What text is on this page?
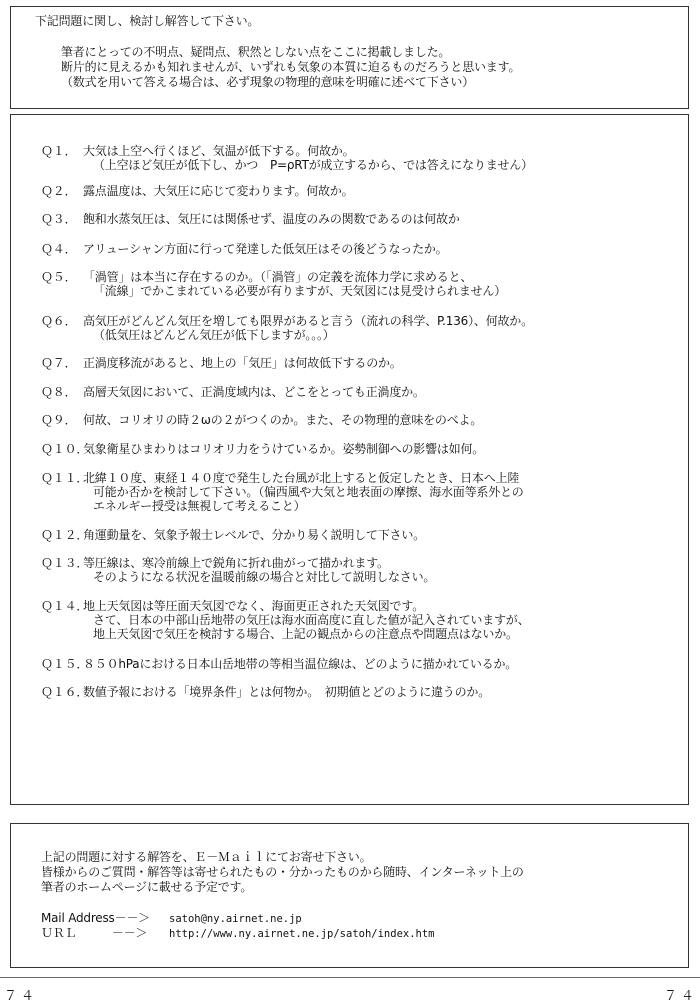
下記問題に関し、検討し解答して下さい。
筆者にとっての不明点、疑問点、釈然としない点をここに掲載しました。
断片的に見えるかも知れませんが、いずれも気象の本質に迫るものだろうと思います。
（数式を用いて答える場合は、必ず現象の物理的意味を明確に述べて下さい）
Ｑ１． 大気は上空へ行くほど、気温が低下する。何故か。
（上空ほど気圧が低下し、かつ　P=ρRTが成立するから、では答えになりません）
Ｑ２． 露点温度は、大気圧に応じて変わります。何故か。
Ｑ３． 飽和水蒸気圧は、気圧には関係せず、温度のみの関数であるのは何故か
Ｑ４． アリューシャン方面に行って発達した低気圧はその後どうなったか。
Ｑ５． 「渦管」は本当に存在するのか。（「渦管」の定義を流体力学に求めると、
「流線」でかこまれている必要が有りますが、天気図には見受けられません）
Ｑ６． 高気圧がどんどん気圧を増しても限界があると言う（流れの科学、P.136）、何故か。
（低気圧はどんどん気圧が低下しますが。。。）
Ｑ７． 正渦度移流があると、地上の「気圧」は何故低下するのか。
Ｑ８． 高層天気図において、正渦度域内は、どこをとっても正渦度か。
Ｑ９． 何故、コリオリの時２ωの２がつくのか。また、その物理的意味をのべよ。
Ｑ１０．
気象衛星ひまわりはコリオリ力をうけているか。姿勢制御への影響は如何。
Ｑ１１．
北緯１０度、東経１４０度で発生した台風が北上すると仮定したとき、日本へ上陸
可能か否かを検討して下さい。（偏西風や大気と地表面の摩擦、海水面等系外との
エネルギー授受は無視して考えること）
Ｑ１２．
角運動量を、気象予報士レベルで、分かり易く説明して下さい。
Ｑ１３．
等圧線は、寒冷前線上で鋭角に折れ曲がって描かれます。
そのようになる状況を温暖前線の場合と対比して説明しなさい。
Ｑ１４．
地上天気図は等圧面天気図でなく、海面更正された天気図です。
さて、日本の中部山岳地帯の気圧は海水面高度に直した値が記入されていますが、
地上天気図で気圧を検討する場合、上記の観点からの注意点や問題点はないか。
Ｑ１５．
８５０hPaにおける日本山岳地帯の等相当温位線は、どのように描かれているか。
Ｑ１６．
数値予報における「境界条件」とは何物か。　初期値とどのように違うのか。
上記の問題に対する解答を、Ｅ－Ｍａｉｌにてお寄せ下さい。
皆様からのご質問・解答等は寄せられたもの・分かったものから随時、インターネット上の
筆者のホームページに載せる予定です。
Mail Address－－＞ satoh@ny.airnet.ne.jp
ＵＲＬ　　　－－＞ http://www.ny.airnet.ne.jp/satoh/index.htm
７４	７４
